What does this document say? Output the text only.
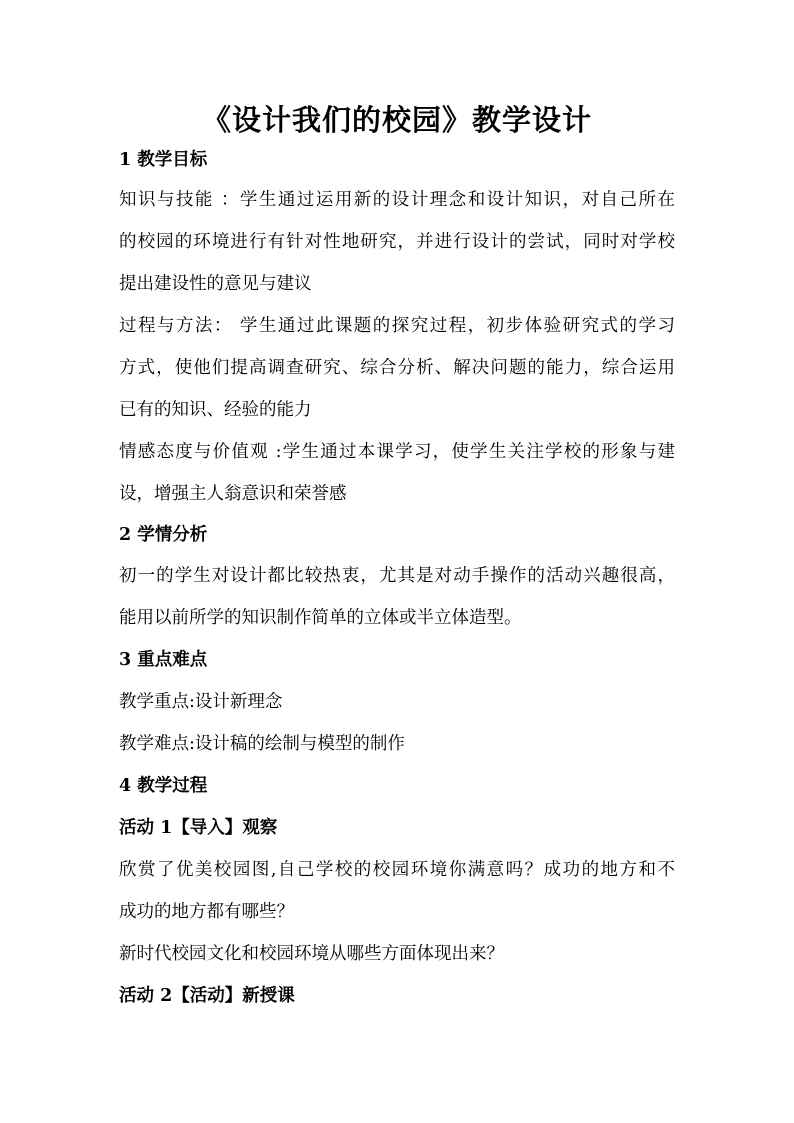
《设计我们的校园》教学设计
1 教学目标
知识与技能 ：学生通过运用新的设计理念和设计知识，对自己所在
的校园的环境进行有针对性地研究，并进行设计的尝试，同时对学校
提出建设性的意见与建议
过程与方法： 学生通过此课题的探究过程，初步体验研究式的学习
方式，使他们提高调查研究、综合分析、解决问题的能力，综合运用
已有的知识、经验的能力
情感态度与价值观 :学生通过本课学习，使学生关注学校的形象与建
设，增强主人翁意识和荣誉感
2 学情分析
初一的学生对设计都比较热衷，尤其是对动手操作的活动兴趣很高，
能用以前所学的知识制作简单的立体或半立体造型。
3 重点难点
教学重点:设计新理念
教学难点:设计稿的绘制与模型的制作
4 教学过程
活动 1【导入】观察
欣赏了优美校园图,自己学校的校园环境你满意吗？成功的地方和不
成功的地方都有哪些？
新时代校园文化和校园环境从哪些方面体现出来？
活动 2【活动】新授课
